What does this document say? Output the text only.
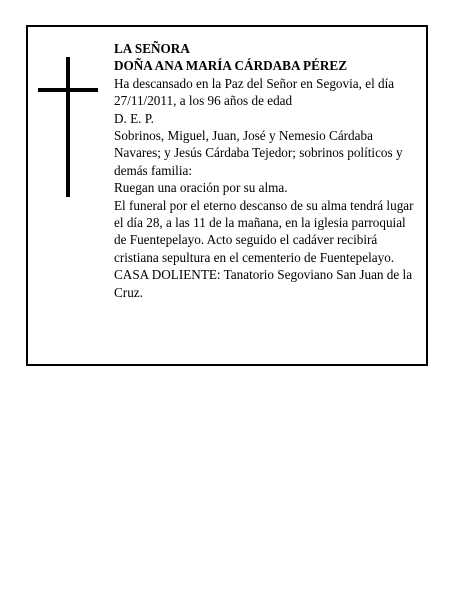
LA SEÑORA

DOÑA ANA MARÍA CÁRDABA PÉREZ

Ha descansado en la Paz del Señor en Segovia, el día 27/11/2011, a los 96 años de edad

D. E. P.

Sobrinos, Miguel, Juan, José y Nemesio Cárdaba Navares; y Jesús Cárdaba Tejedor; sobrinos políticos y demás familia:

Ruegan una oración por su alma.

El funeral por el eterno descanso de su alma tendrá lugar el día 28, a las 11 de la mañana, en la iglesia parroquial de Fuentepelayo. Acto seguido el cadáver recibirá cristiana sepultura en el cementerio de Fuentepelayo.

CASA DOLIENTE: Tanatorio Segoviano San Juan de la Cruz.
